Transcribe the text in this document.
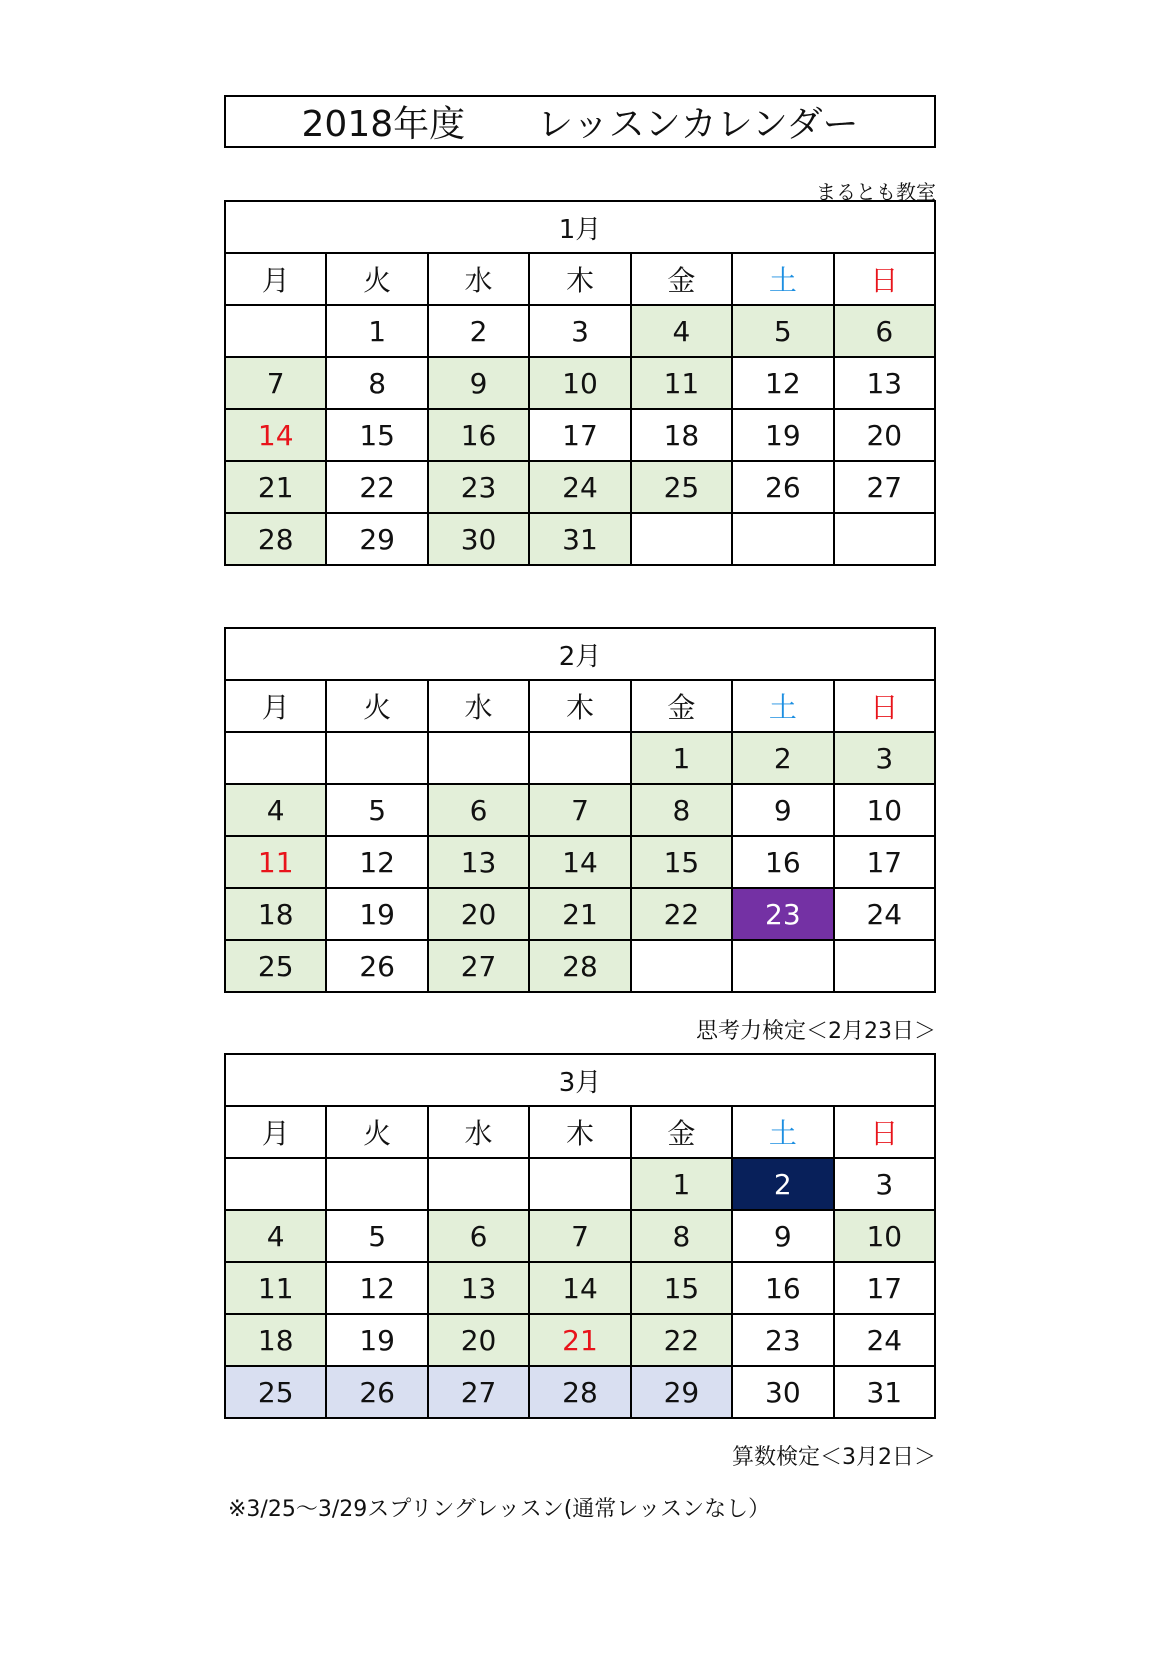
2018年度 レッスンカレンダー
まるとも教室
1月						
月	火	水	木	金	土	日
	1	2	3	4	5	6
7	8	9	10	11	12	13
14	15	16	17	18	19	20
21	22	23	24	25	26	27
28	29	30	31			
2月						
月	火	水	木	金	土	日
				1	2	3
4	5	6	7	8	9	10
11	12	13	14	15	16	17
18	19	20	21	22	23	24
25	26	27	28			
思考力検定＜2月23日＞
3月						
月	火	水	木	金	土	日
				1	2	3
4	5	6	7	8	9	10
11	12	13	14	15	16	17
18	19	20	21	22	23	24
25	26	27	28	29	30	31
算数検定＜3月2日＞
※3/25～3/29スプリングレッスン(通常レッスンなし）
